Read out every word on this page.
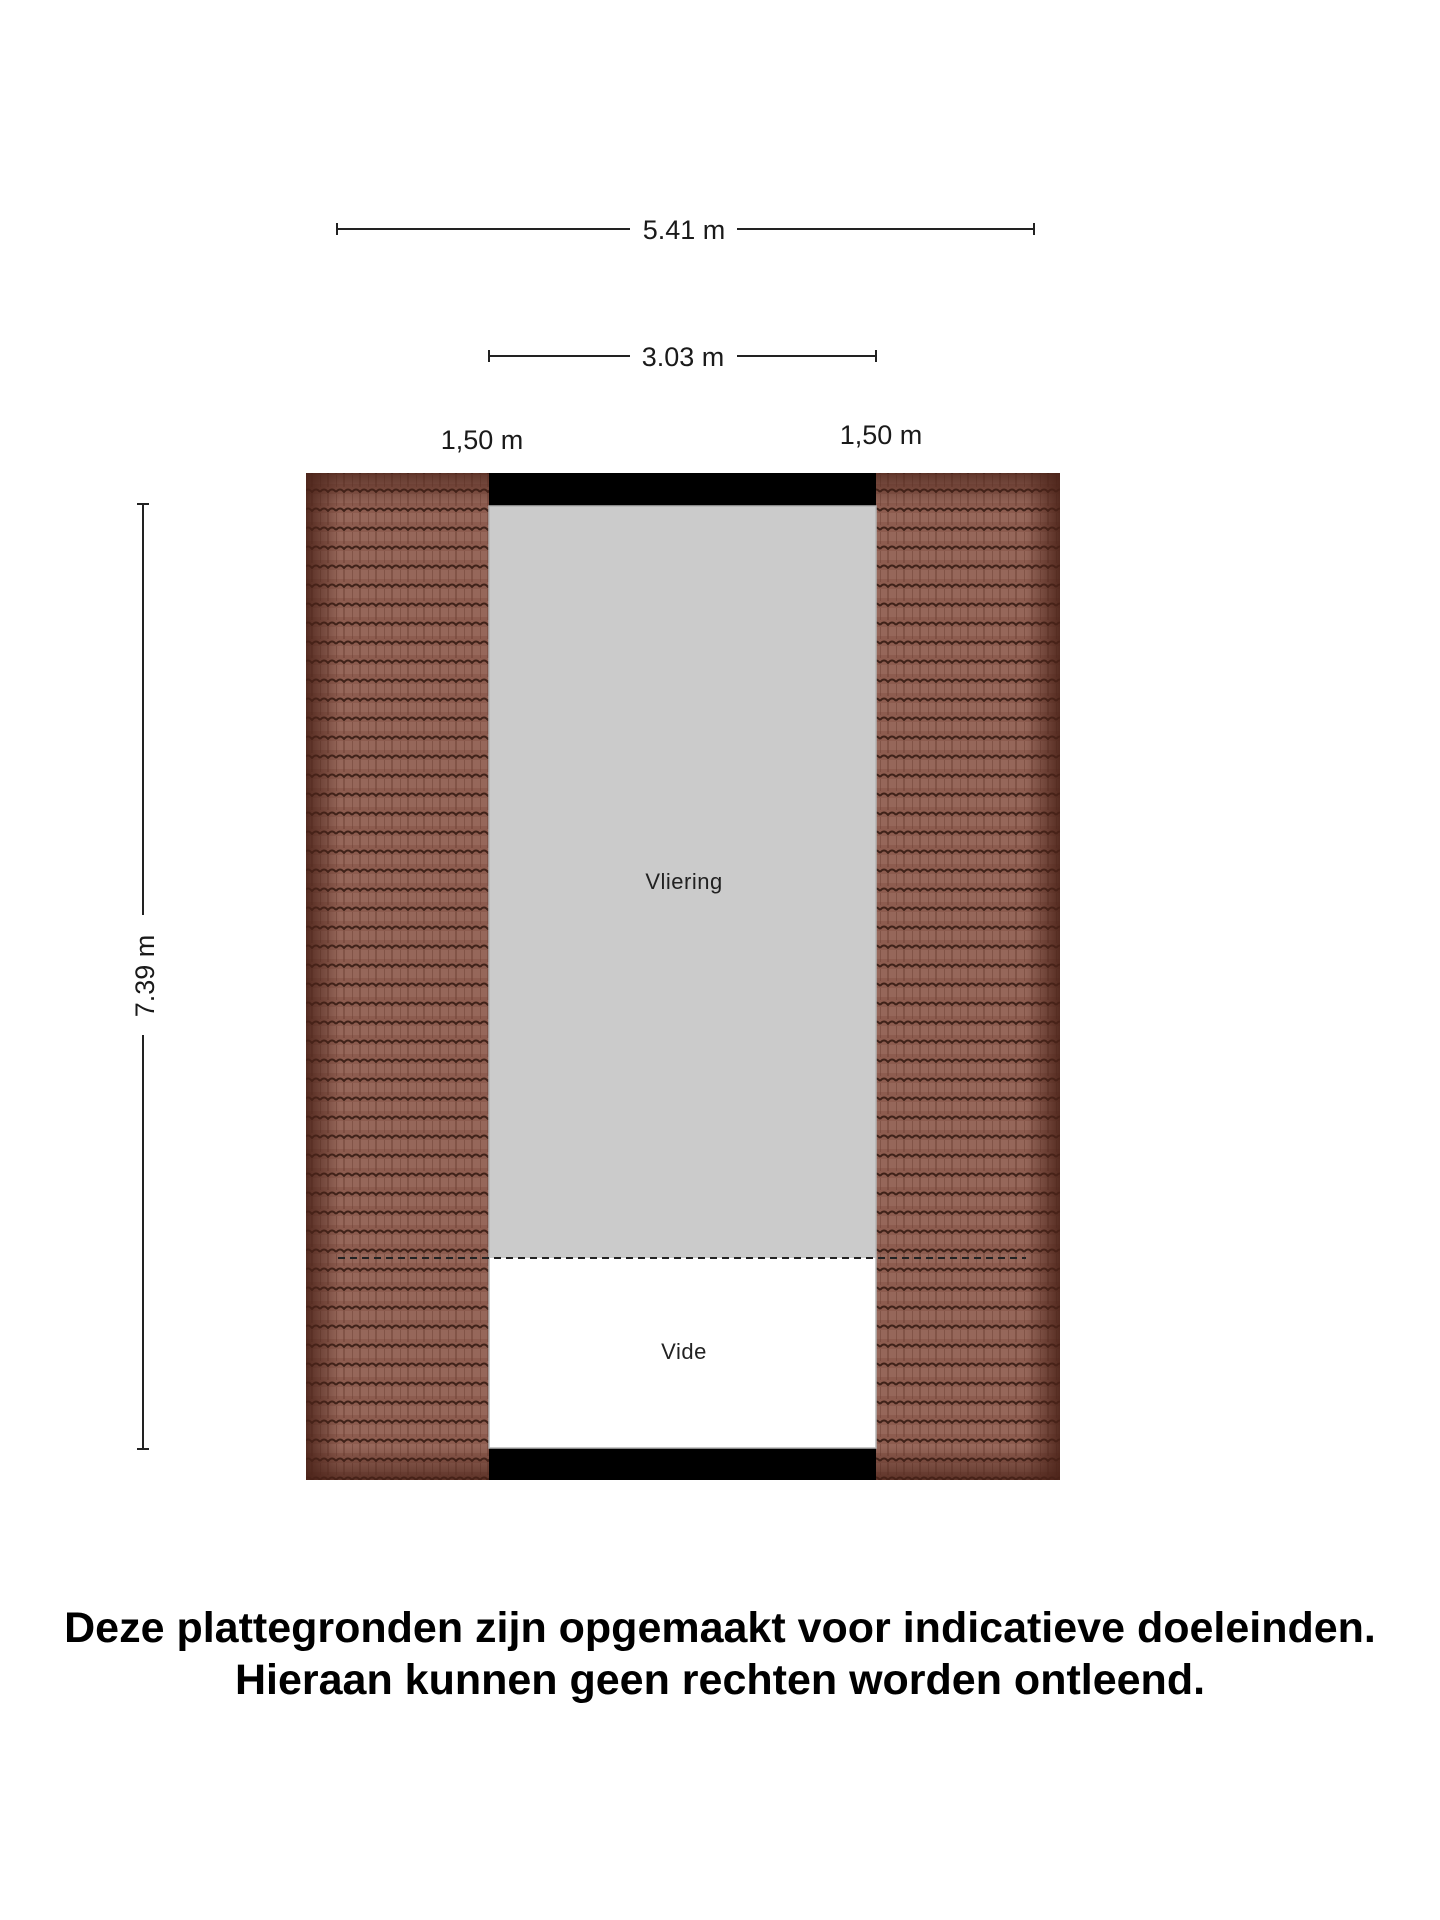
5.41 m
3.03 m
1,50 m	1,50 m
7.39 m
Vliering
Vide
Deze plattegronden zijn opgemaakt voor indicatieve doeleinden.
Hieraan kunnen geen rechten worden ontleend.
